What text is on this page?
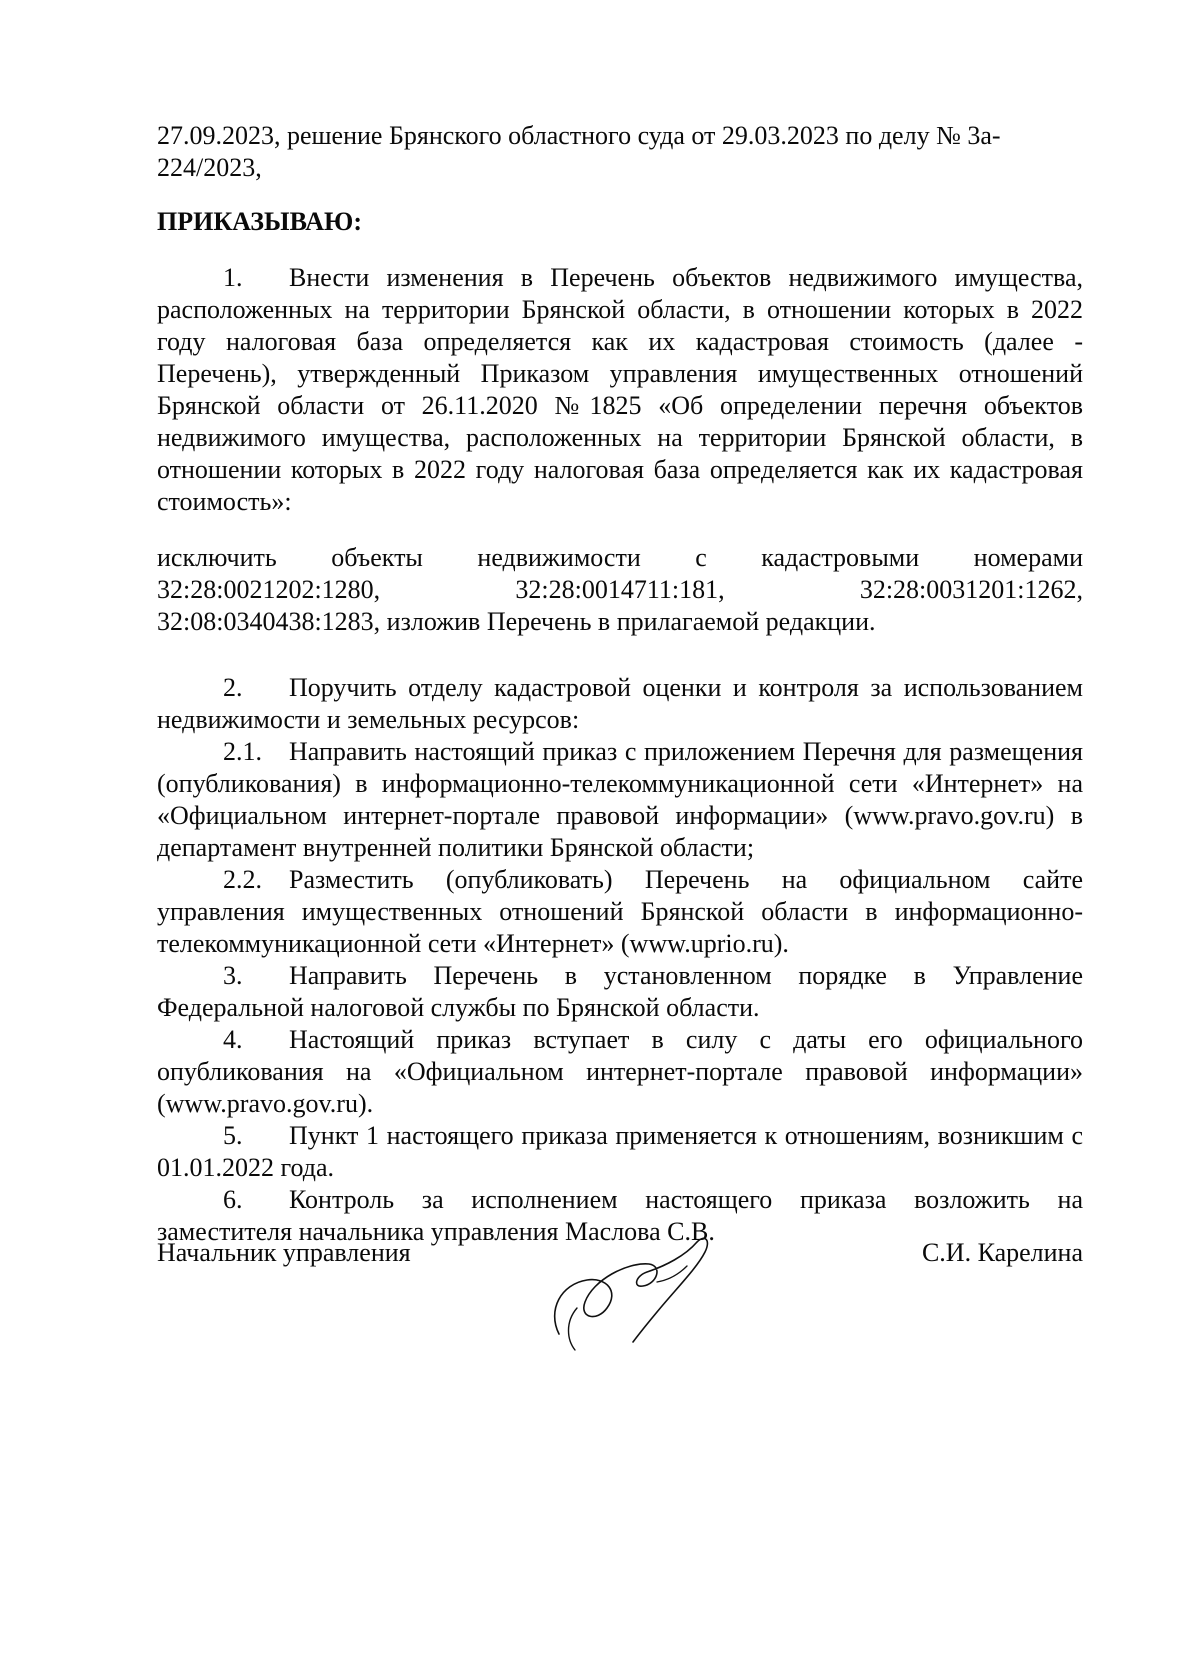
27.09.2023, решение Брянского областного суда от 29.03.2023 по делу № 3а-

224/2023,

ПРИКАЗЫВАЮ:

1. Внести изменения в Перечень объектов недвижимого имущества, расположенных на территории Брянской области, в отношении которых в 2022 году налоговая база определяется как их кадастровая стоимость (далее - Перечень), утвержденный Приказом управления имущественных отношений Брянской области от 26.11.2020 №1825 «Об определении перечня объектов недвижимого имущества, расположенных на территории Брянской области, в отношении которых в 2022 году налоговая база определяется как их кадастровая стоимость»:

исключить объекты недвижимости с кадастровыми номерами
32:28:0021202:1280,	32:28:0014711:181,	32:28:0031201:1262,

32:08:0340438:1283, изложив Перечень в прилагаемой редакции.

2. Поручить отделу кадастровой оценки и контроля за использованием недвижимости и земельных ресурсов:

2.1. Направить настоящий приказ с приложением Перечня для размещения (опубликования) в информационно-телекоммуникационной сети «Интернет» на «Официальном интернет-портале правовой информации» (www.pravo.gov.ru) в департамент внутренней политики Брянской области;

2.2. Разместить (опубликовать) Перечень на официальном сайте управления имущественных отношений Брянской области в информационно-телекоммуникационной сети «Интернет» (www.uprio.ru).

3. Направить Перечень в установленном порядке в Управление Федеральной налоговой службы по Брянской области.

4. Настоящий приказ вступает в силу с даты его официального опубликования на «Официальном интернет-портале правовой информации» (www.pravo.gov.ru).

5. Пункт 1 настоящего приказа применяется к отношениям, возникшим с 01.01.2022 года.

6. Контроль за исполнением настоящего приказа возложить на заместителя начальника управления Маслова С.В.

Начальник управления	С.И. Карелина
